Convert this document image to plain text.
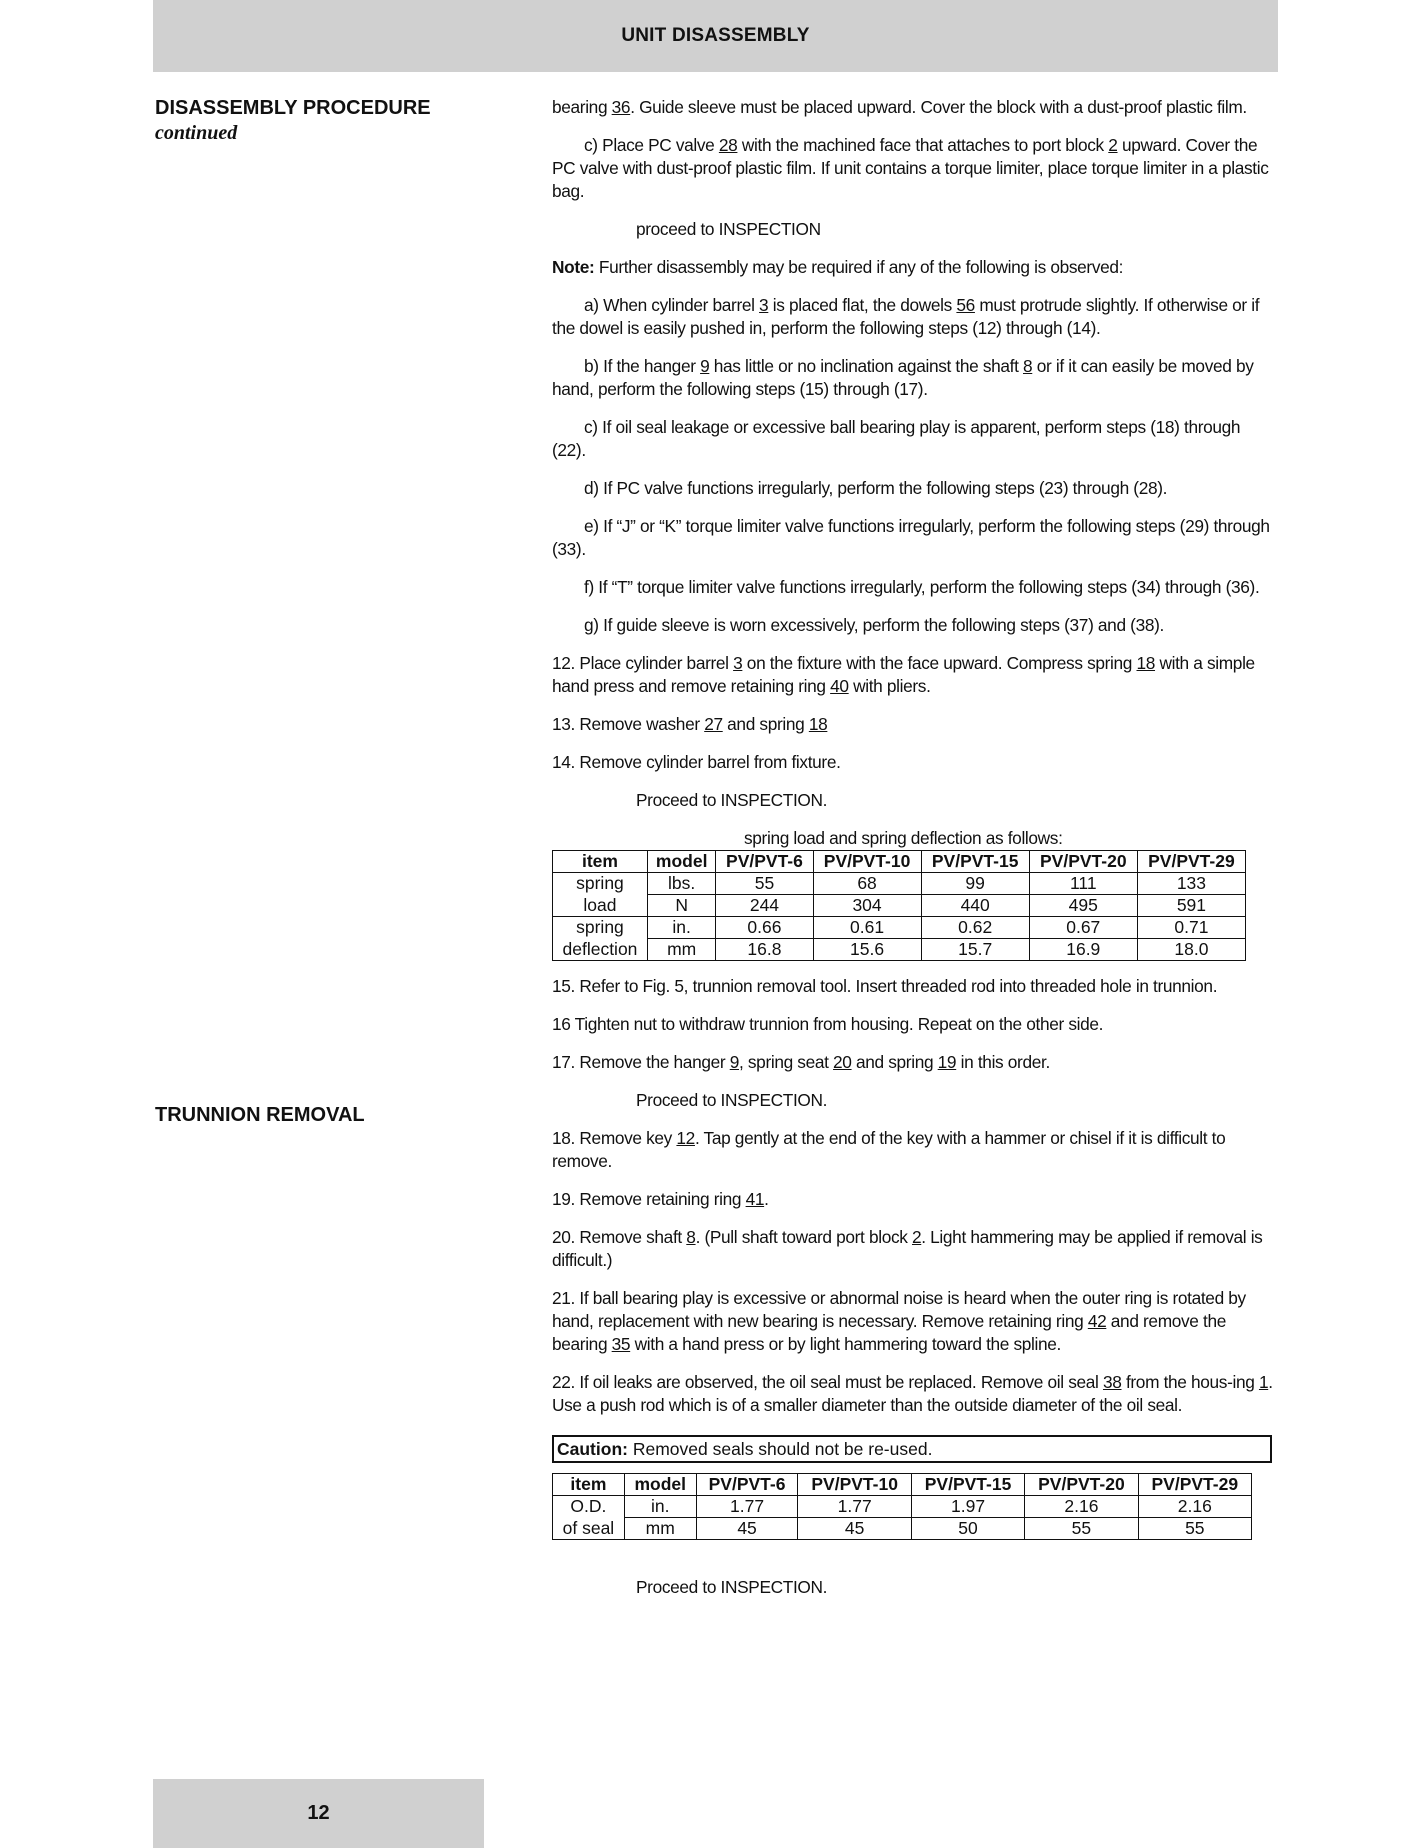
UNIT DISASSEMBLY
DISASSEMBLY PROCEDURE
continued
TRUNNION REMOVAL

bearing 36. Guide sleeve must be placed upward. Cover the block with a dust-proof plastic film.

c) Place PC valve 28 with the machined face that attaches to port block 2 upward. Cover the PC valve with dust-proof plastic film. If unit contains a torque limiter, place torque limiter in a plastic bag.

proceed to INSPECTION

Note: Further disassembly may be required if any of the following is observed:

a) When cylinder barrel 3 is placed flat, the dowels 56 must protrude slightly. If otherwise or if the dowel is easily pushed in, perform the following steps (12) through (14).

b) If the hanger 9 has little or no inclination against the shaft 8 or if it can easily be moved by hand, perform the following steps (15) through (17).

c) If oil seal leakage or excessive ball bearing play is apparent, perform steps (18) through (22).

d) If PC valve functions irregularly, perform the following steps (23) through (28).

e) If “J” or “K” torque limiter valve functions irregularly, perform the following steps (29) through (33).

f) If “T” torque limiter valve functions irregularly, perform the following steps (34) through (36).

g) If guide sleeve is worn excessively, perform the following steps (37) and (38).

12. Place cylinder barrel 3 on the fixture with the face upward. Compress spring 18 with a simple hand press and remove retaining ring 40 with pliers.

13. Remove washer 27 and spring 18

14. Remove cylinder barrel from fixture.

Proceed to INSPECTION.

spring load and spring deflection as follows:
item	model	PV/PVT-6	PV/PVT-10	PV/PVT-15	PV/PVT-20	PV/PVT-29
spring	lbs.	55	68	99	111	133
load	N	244	304	440	495	591
spring	in.	0.66	0.61	0.62	0.67	0.71
deflection	mm	16.8	15.6	15.7	16.9	18.0

15. Refer to Fig. 5, trunnion removal tool. Insert threaded rod into threaded hole in trunnion.

16 Tighten nut to withdraw trunnion from housing. Repeat on the other side.

17. Remove the hanger 9, spring seat 20 and spring 19 in this order.

Proceed to INSPECTION.

18. Remove key 12. Tap gently at the end of the key with a hammer or chisel if it is difficult to remove.

19. Remove retaining ring 41.

20. Remove shaft 8. (Pull shaft toward port block 2. Light hammering may be applied if removal is difficult.)

21. If ball bearing play is excessive or abnormal noise is heard when the outer ring is rotated by hand, replacement with new bearing is necessary. Remove retaining ring 42 and remove the bearing 35 with a hand press or by light hammering toward the spline.

22. If oil leaks are observed, the oil seal must be replaced. Remove oil seal 38 from the hous-ing 1. Use a push rod which is of a smaller diameter than the outside diameter of the oil seal.

Caution: Removed seals should not be re-used.
item	model	PV/PVT-6	PV/PVT-10	PV/PVT-15	PV/PVT-20	PV/PVT-29
O.D.	in.	1.77	1.77	1.97	2.16	2.16
of seal	mm	45	45	50	55	55

Proceed to INSPECTION.

12
